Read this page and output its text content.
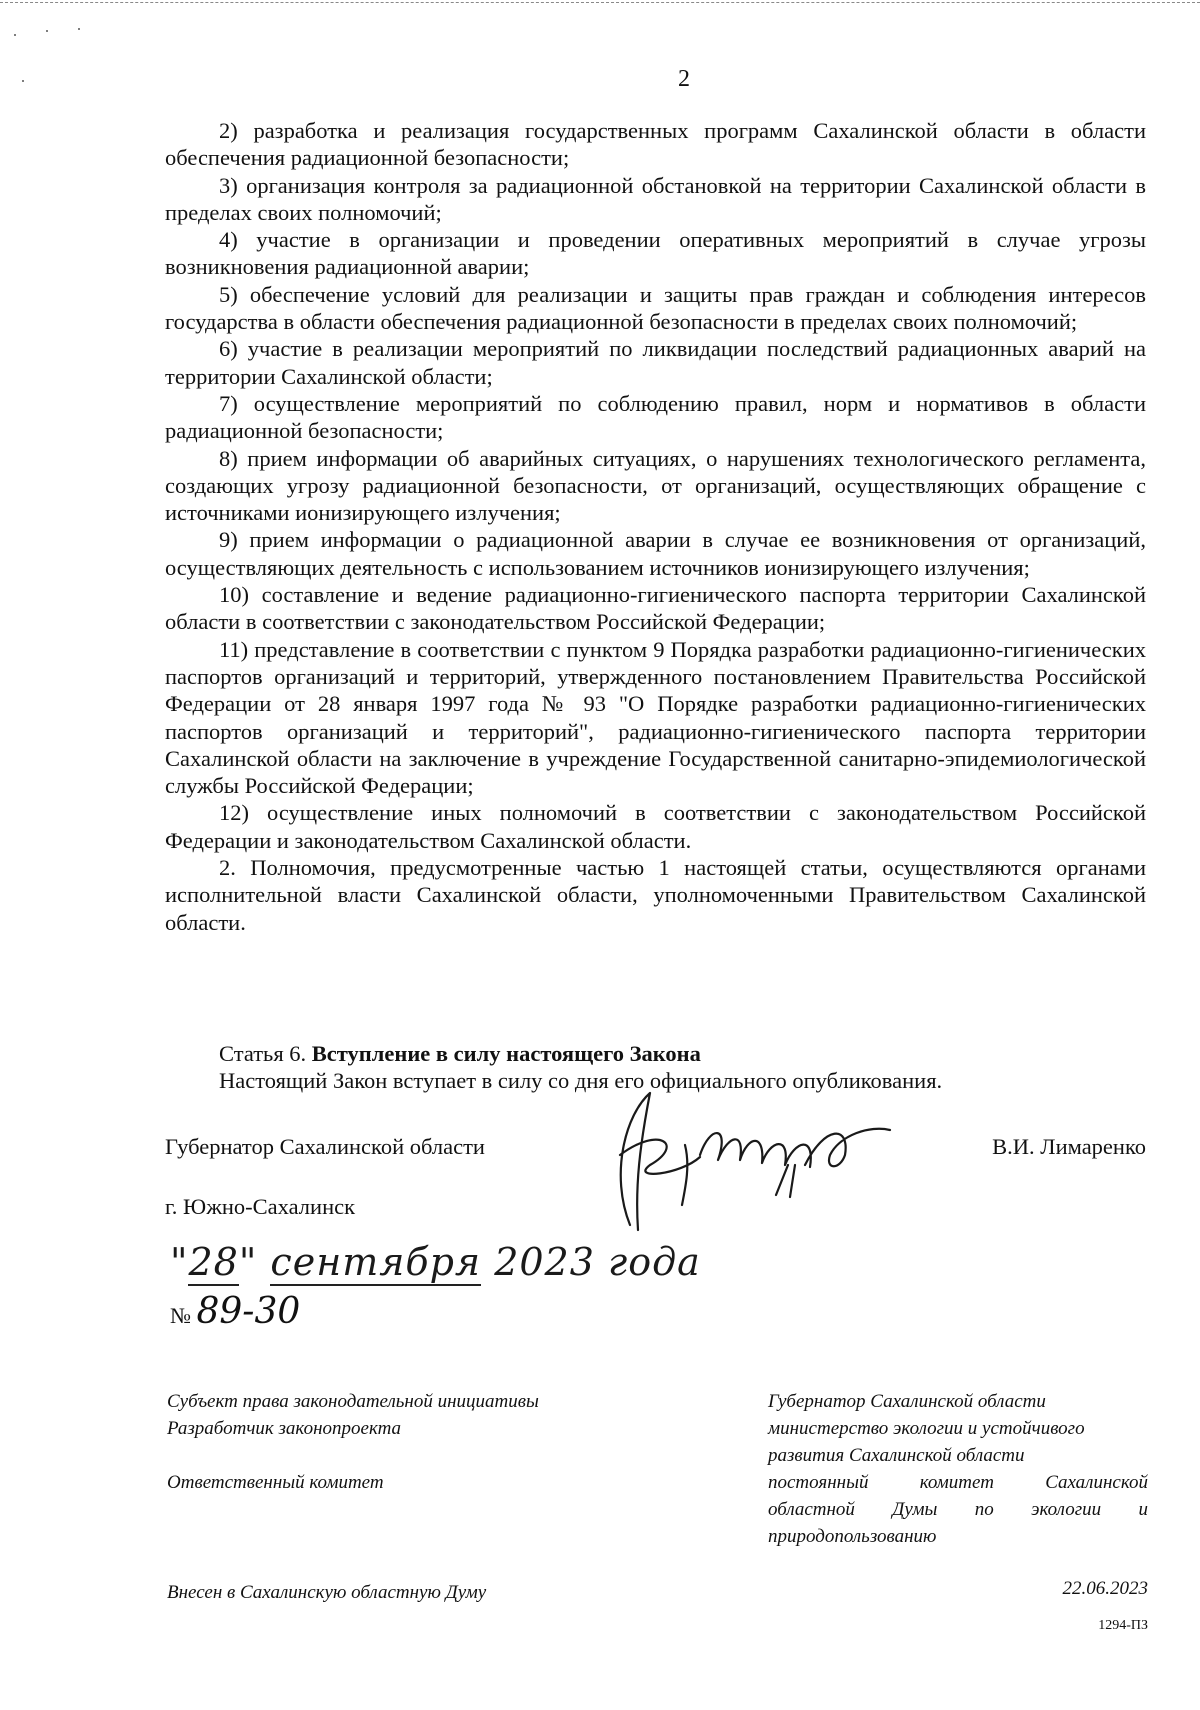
2

2) разработка и реализация государственных программ Сахалинской области в области обеспечения радиационной безопасности;

3) организация контроля за радиационной обстановкой на территории Сахалинской области в пределах своих полномочий;

4) участие в организации и проведении оперативных мероприятий в случае угрозы возникновения радиационной аварии;

5) обеспечение условий для реализации и защиты прав граждан и соблюдения интересов государства в области обеспечения радиационной безопасности в пределах своих полномочий;

6) участие в реализации мероприятий по ликвидации последствий радиационных аварий на территории Сахалинской области;

7) осуществление мероприятий по соблюдению правил, норм и нормативов в области радиационной безопасности;

8) прием информации об аварийных ситуациях, о нарушениях технологического регламента, создающих угрозу радиационной безопасности, от организаций, осуществляющих обращение с источниками ионизирующего излучения;

9) прием информации о радиационной аварии в случае ее возникновения от организаций, осуществляющих деятельность с использованием источников ионизирующего излучения;

10) составление и ведение радиационно-гигиенического паспорта территории Сахалинской области в соответствии с законодательством Российской Федерации;

11) представление в соответствии с пунктом 9 Порядка разработки радиационно-гигиенических паспортов организаций и территорий, утвержденного постановлением Правительства Российской Федерации от 28 января 1997 года № 93 "О Порядке разработки радиационно-гигиенических паспортов организаций и территорий", радиационно-гигиенического паспорта территории Сахалинской области на заключение в учреждение Государственной санитарно-эпидемиологической службы Российской Федерации;

12) осуществление иных полномочий в соответствии с законодательством Российской Федерации и законодательством Сахалинской области.

2. Полномочия, предусмотренные частью 1 настоящей статьи, осуществляются органами исполнительной власти Сахалинской области, уполномоченными Правительством Сахалинской области.

Статья 6. Вступление в силу настоящего Закона

Настоящий Закон вступает в силу со дня его официального опубликования.

Губернатор Сахалинской области	В.И. Лимаренко
г. Южно-Сахалинск
"28" сентября 2023 года
№ 89-30
Субъект права законодательной инициативы
Разработчик законопроекта

Ответственный комитет
Губернатор Сахалинской области
министерство экологии и устойчивого
развития Сахалинской области
постоянный комитет Сахалинской
областной Думы по экологии и
природопользованию
Внесен в Сахалинскую областную Думу	22.06.2023
1294-ПЗ
